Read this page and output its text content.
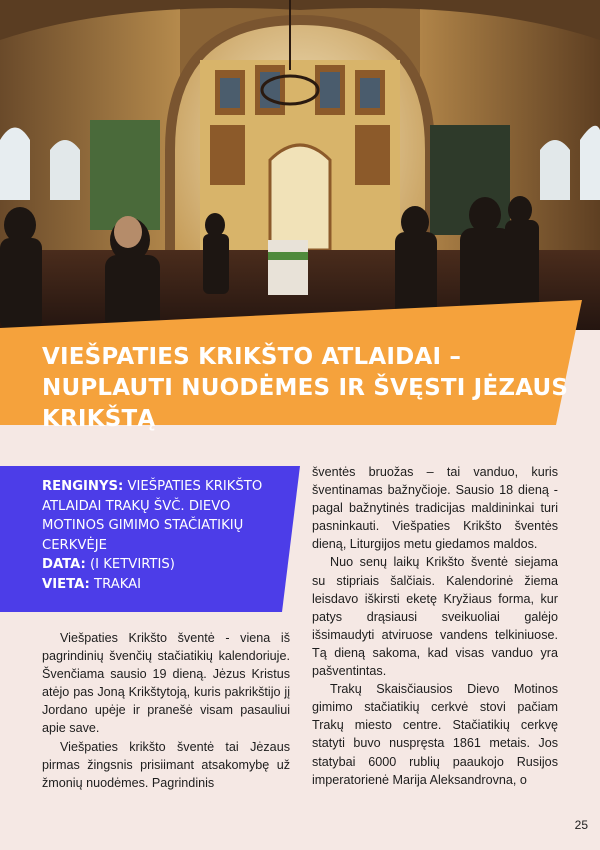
VIEŠPATIES KRIKŠTO ATLAIDAI – NUPLAUTI NUODĖMES IR ŠVĘSTI JĖZAUS KRIKŠTĄ
RENGINYS: VIEŠPATIES KRIKŠTO ATLAIDAI TRAKŲ ŠVČ. DIEVO MOTINOS GIMIMO STAČIATIKIŲ CERKVĖJE
DATA: (I KETVIRTIS)
VIETA: TRAKAI

Viešpaties Krikšto šventė - viena iš pagrindinių švenčių stačiatikių kalendoriuje. Švenčiama sausio 19 dieną. Jėzus Kristus atėjo pas Joną Krikštytoją, kuris pakrikštijo jį Jordano upėje ir pranešė visam pasauliui apie save.

Viešpaties krikšto šventė tai Jėzaus pirmas žingsnis prisiimant atsakomybę už žmonių nuodėmes. Pagrindinis

šventės bruožas – tai vanduo, kuris šventinamas bažnyčioje. Sausio 18 dieną - pagal bažnytinės tradicijas maldininkai turi pasninkauti. Viešpaties Krikšto šventės dieną, Liturgijos metu giedamos maldos.

Nuo senų laikų Krikšto šventė siejama su stipriais šalčiais. Kalendorinė žiema leisdavo iškirsti eketę Kryžiaus forma, kur patys drąsiausi sveikuoliai galėjo išsimaudyti atviruose vandens telkiniuose. Tą dieną sakoma, kad visas vanduo yra pašventintas.

Trakų Skaisčiausios Dievo Motinos gimimo stačiatikių cerkvė stovi pačiam Trakų miesto centre. Stačiatikių cerkvę statyti buvo nuspręsta 1861 metais. Jos statybai 6000 rublių paaukojo Rusijos imperatorienė Marija Aleksandrovna, o

25
